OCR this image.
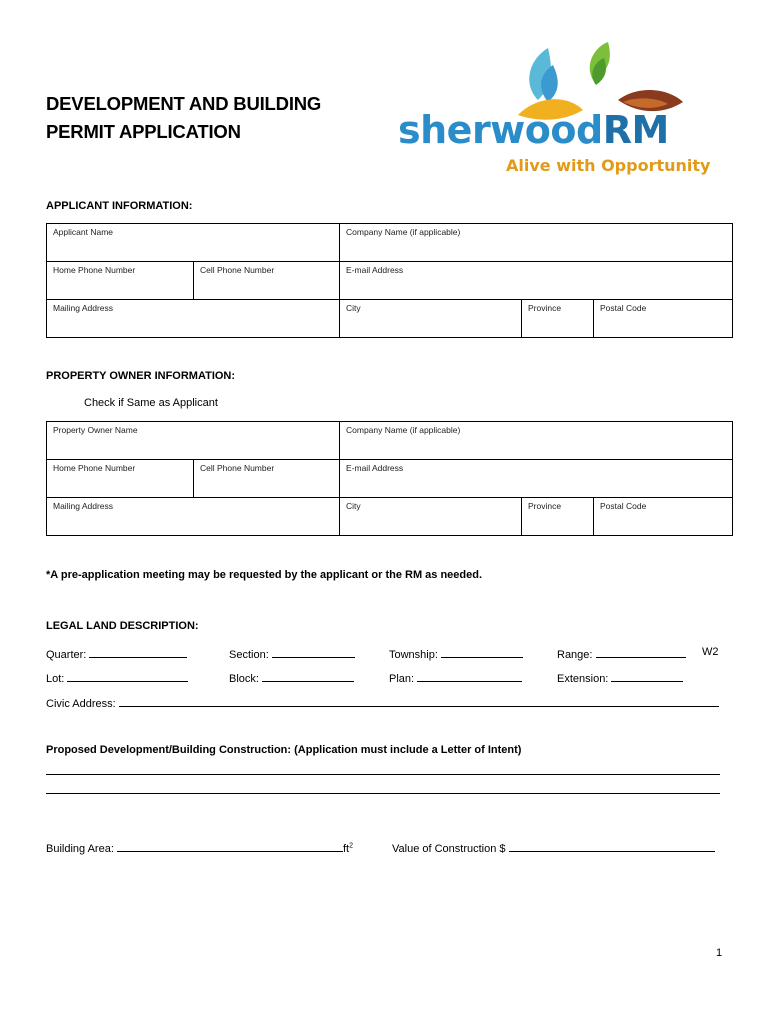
DEVELOPMENT AND BUILDING
PERMIT APPLICATION	sherwoodRM
Alive with Opportunity
APPLICANT INFORMATION:
Applicant Name		Company Name (if applicable)		
Home Phone Number	Cell Phone Number	E-mail Address		
Mailing Address		City	Province	Postal Code
PROPERTY OWNER INFORMATION:
Check if Same as Applicant
Property Owner Name		Company Name (if applicable)		
Home Phone Number	Cell Phone Number	E-mail Address		
Mailing Address		City	Province	Postal Code
*A pre-application meeting may be requested by the applicant or the RM as needed.
LEGAL LAND DESCRIPTION:
Quarter:	Section:	Township:	Range:	W2
Lot:	Block:	Plan:	Extension:
Civic Address:
Proposed Development/Building Construction: (Application must include a Letter of Intent)
Building Area:	$ft^2$	Value of Construction $
1
